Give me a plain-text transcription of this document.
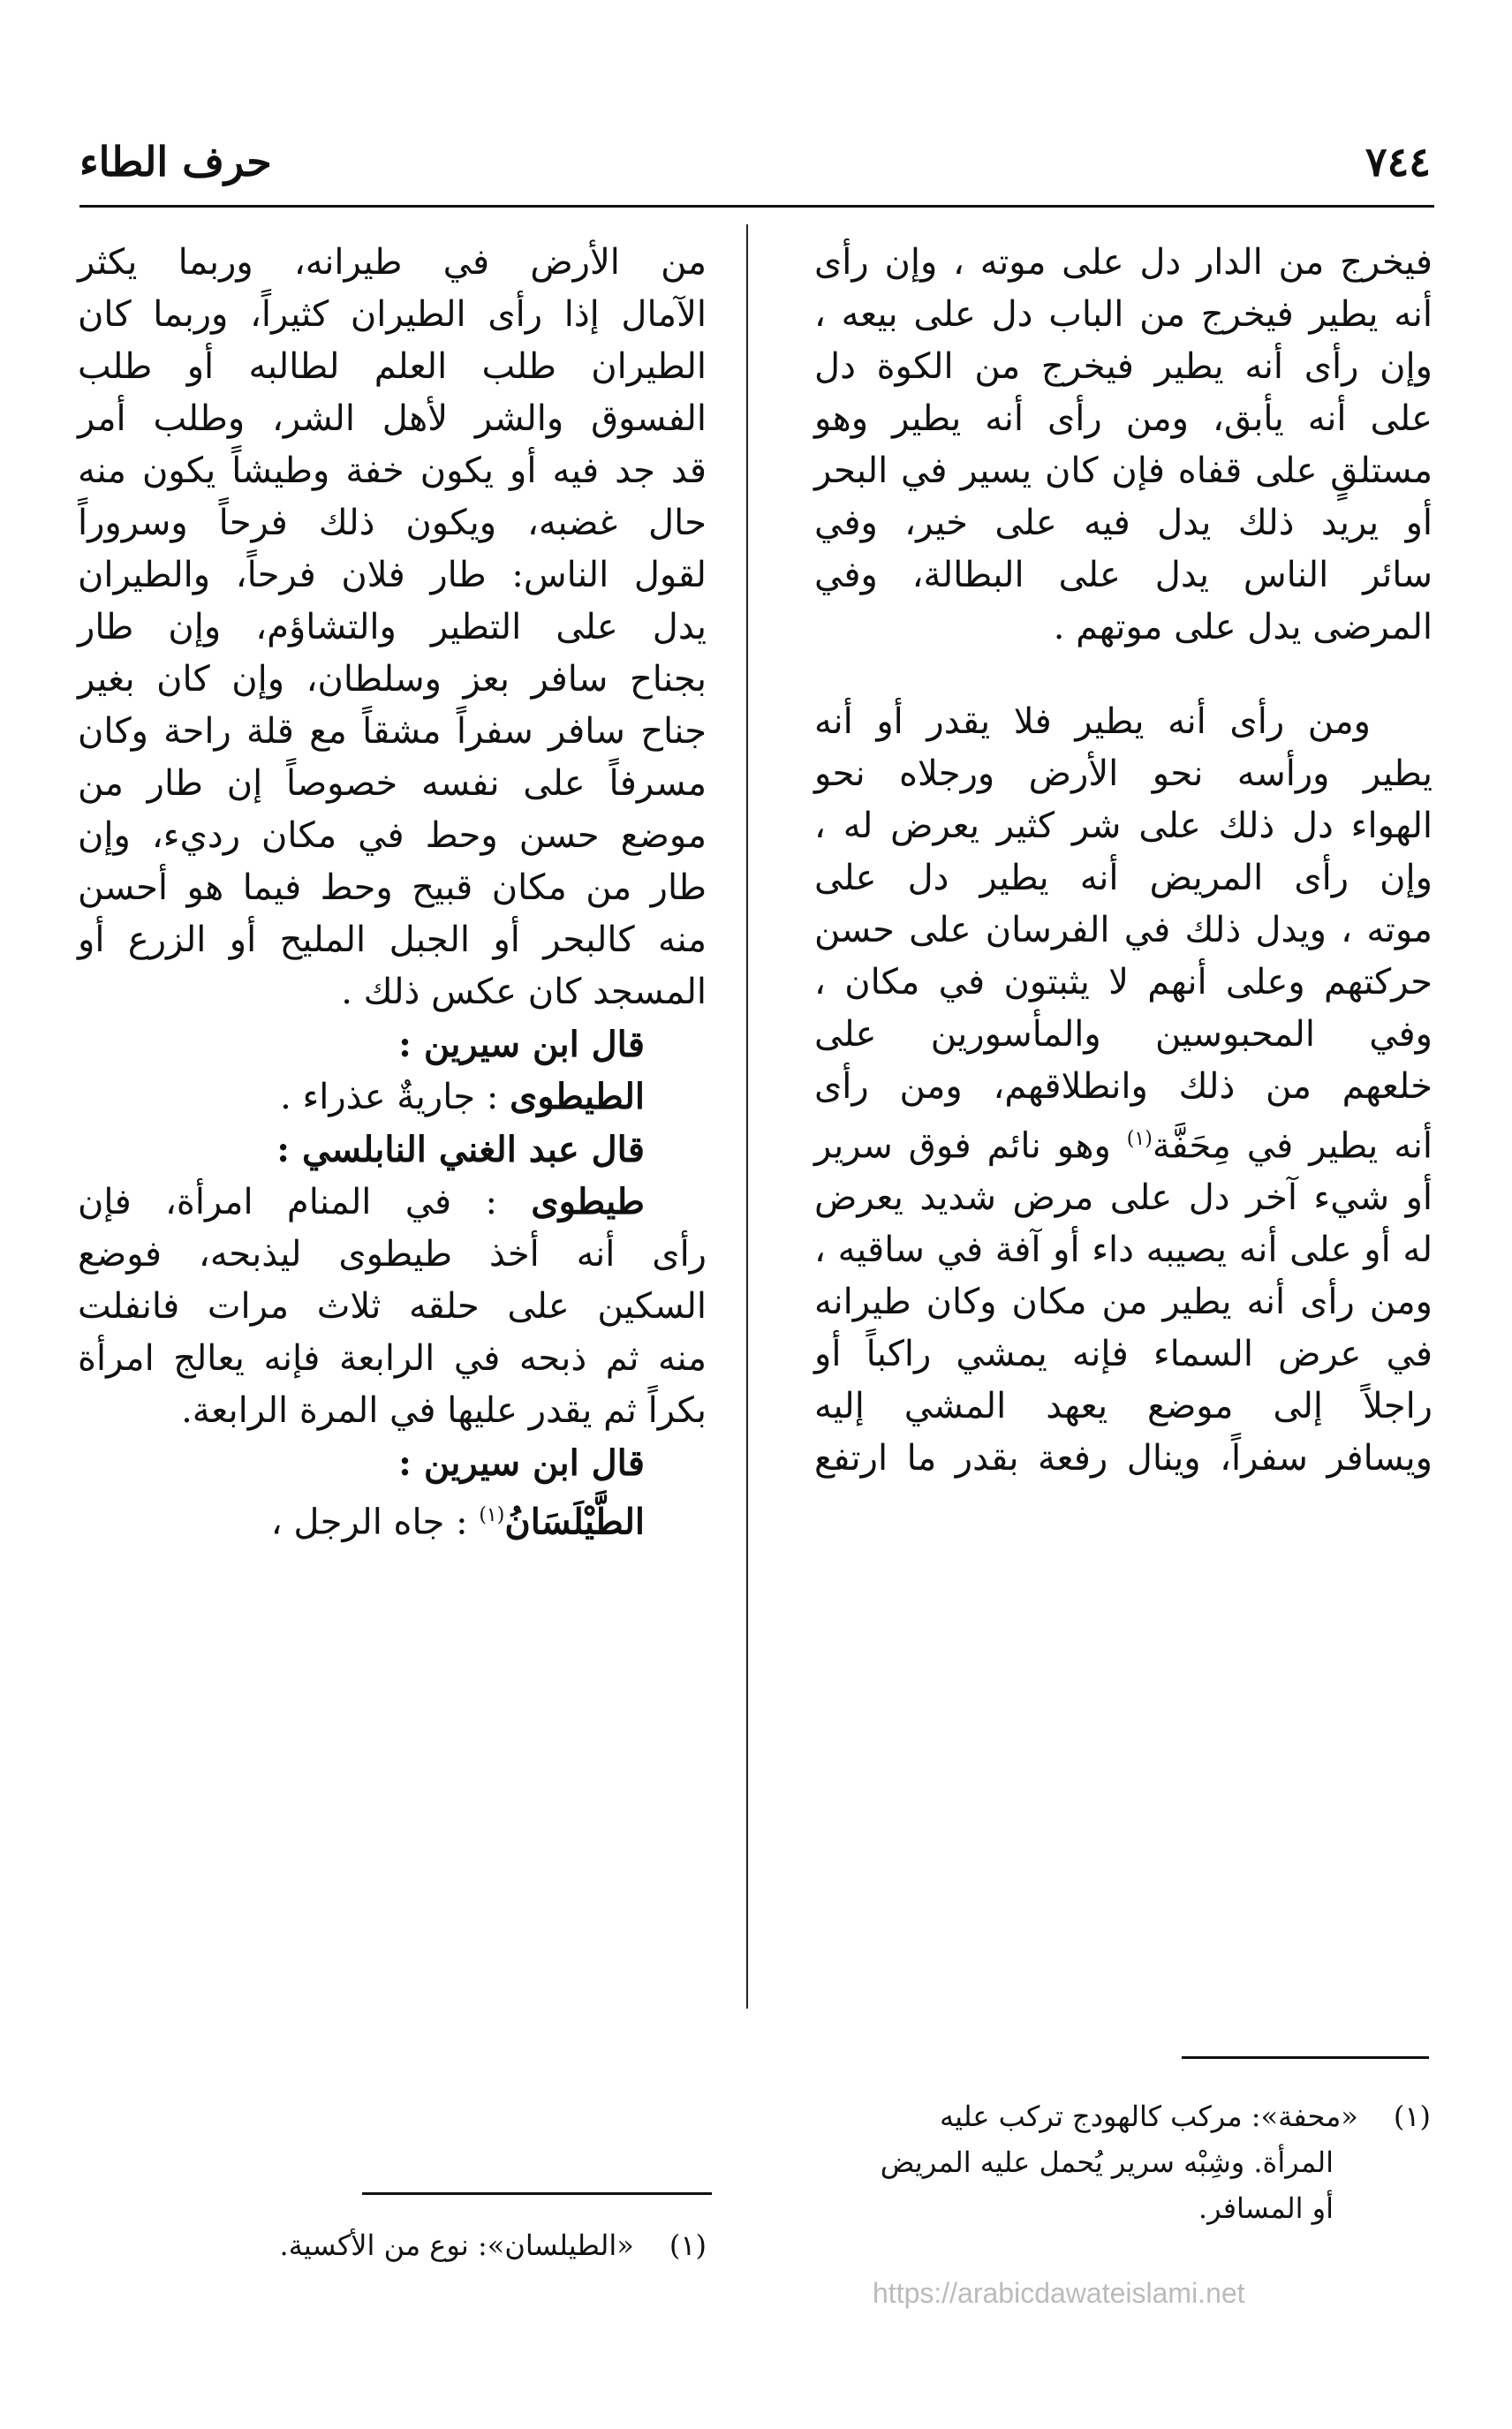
٧٤٤
حرف الطاء
فيخرج من الدار دل على موته ، وإن رأى
أنه يطير فيخرج من الباب دل على بيعه ،
وإن رأى أنه يطير فيخرج من الكوة دل
على أنه يأبق، ومن رأى أنه يطير وهو
مستلقٍ على قفاه فإن كان يسير في البحر
أو يريد ذلك يدل فيه على خير، وفي
سائر الناس يدل على البطالة، وفي
المرضى يدل على موتهم .
ومن رأى أنه يطير فلا يقدر أو أنه
يطير ورأسه نحو الأرض ورجلاه نحو
الهواء دل ذلك على شر كثير يعرض له ،
وإن رأى المريض أنه يطير دل على
موته ، ويدل ذلك في الفرسان على حسن
حركتهم وعلى أنهم لا يثبتون في مكان ،
وفي المحبوسين والمأسورين على
خلعهم من ذلك وانطلاقهم، ومن رأى
أنه يطير في مِحَفَّة$^{(١)}$ وهو نائم فوق سرير
أو شيء آخر دل على مرض شديد يعرض
له أو على أنه يصيبه داء أو آفة في ساقيه ،
ومن رأى أنه يطير من مكان وكان طيرانه
في عرض السماء فإنه يمشي راكباً أو
راجلاً إلى موضع يعهد المشي إليه
ويسافر سفراً، وينال رفعة بقدر ما ارتفع
من الأرض في طيرانه، وربما يكثر
الآمال إذا رأى الطيران كثيراً، وربما كان
الطيران طلب العلم لطالبه أو طلب
الفسوق والشر لأهل الشر، وطلب أمر
قد جد فيه أو يكون خفة وطيشاً يكون منه
حال غضبه، ويكون ذلك فرحاً وسروراً
لقول الناس: طار فلان فرحاً، والطيران
يدل على التطير والتشاؤم، وإن طار
بجناح سافر بعز وسلطان، وإن كان بغير
جناح سافر سفراً مشقاً مع قلة راحة وكان
مسرفاً على نفسه خصوصاً إن طار من
موضع حسن وحط في مكان رديء، وإن
طار من مكان قبيح وحط فيما هو أحسن
منه كالبحر أو الجبل المليح أو الزرع أو
المسجد كان عكس ذلك .
قال ابن سيرين :
الطيطوى : جاريةٌ عذراء .
قال عبد الغني النابلسي :
طيطوى : في المنام امرأة، فإن
رأى أنه أخذ طيطوى ليذبحه، فوضع
السكين على حلقه ثلاث مرات فانفلت
منه ثم ذبحه في الرابعة فإنه يعالج امرأة
بكراً ثم يقدر عليها في المرة الرابعة.
قال ابن سيرين :
الطَّيْلَسَانُ$^{(١)}$ : جاه الرجل ،
(١)«محفة»: مركب كالهودج تركب عليه
المرأة. وشِبْه سرير يُحمل عليه المريض
أو المسافر.
(١)«الطيلسان»: نوع من الأكسية.
https://arabicdawateislami.net
